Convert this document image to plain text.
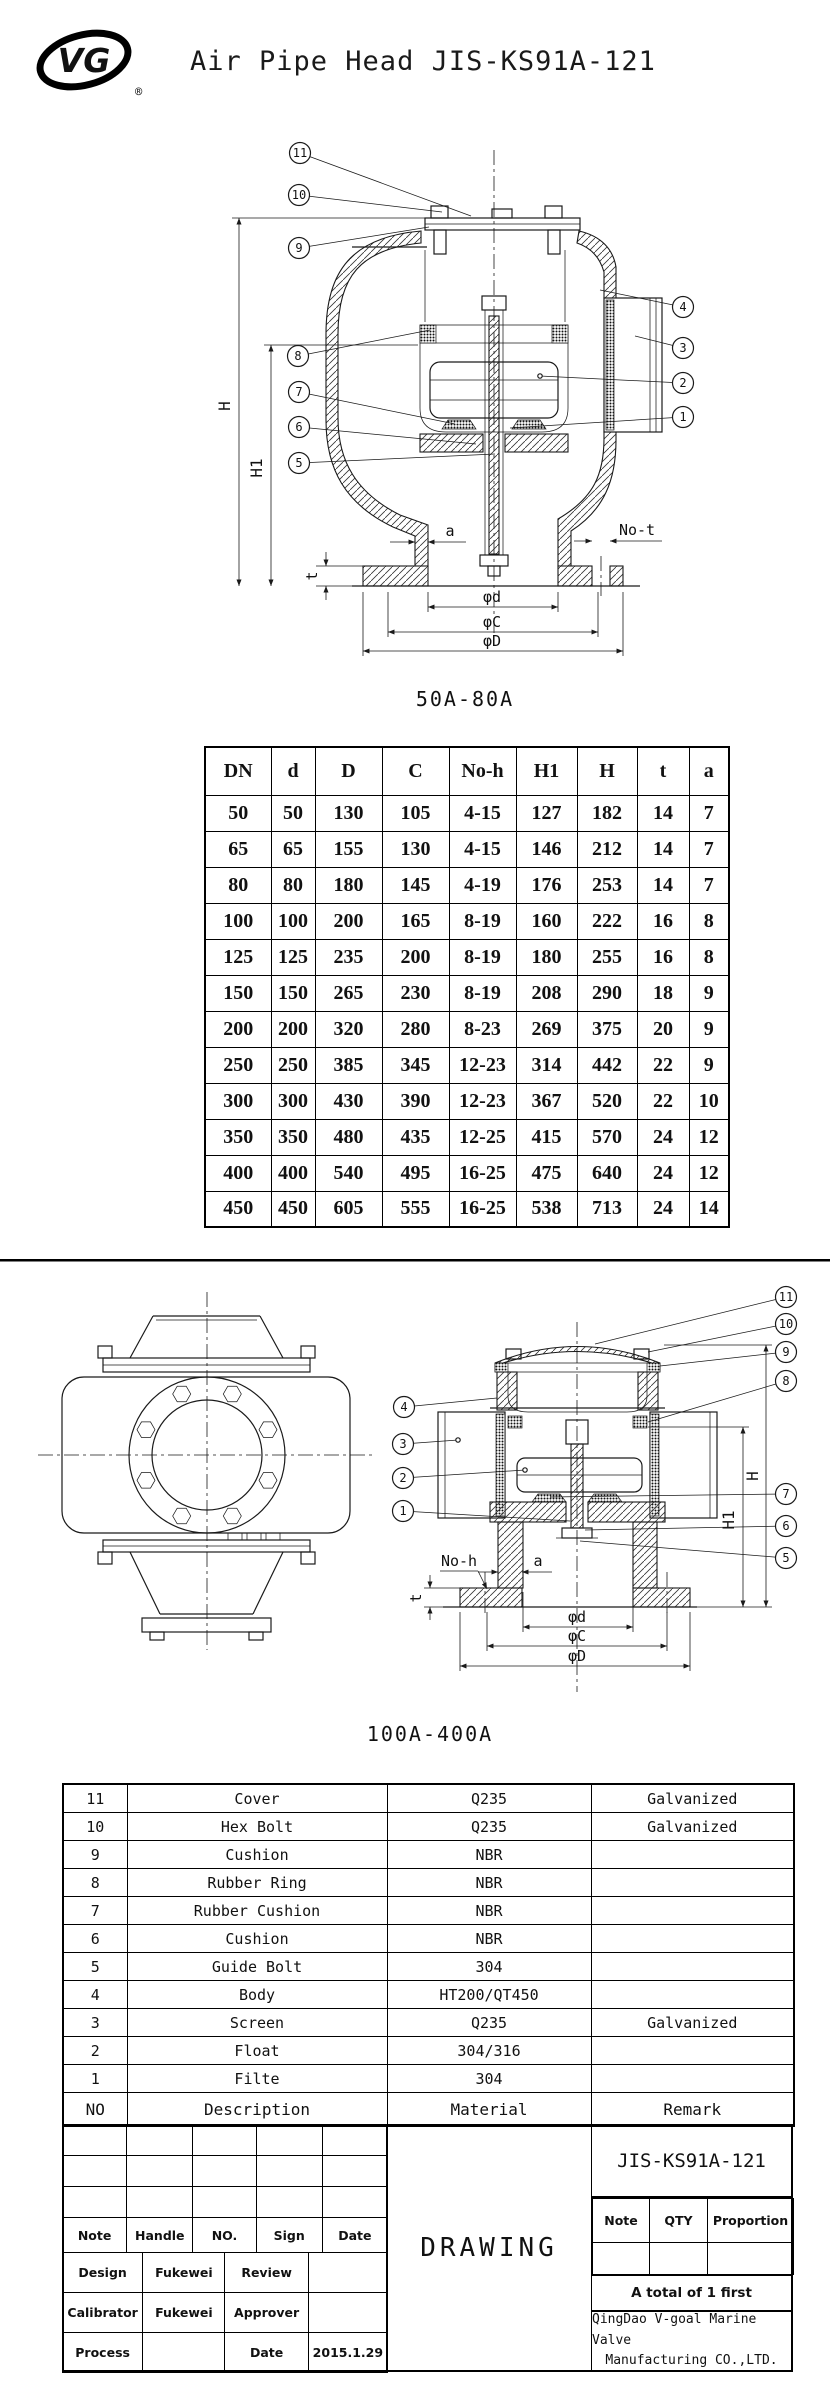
Air Pipe Head JIS-KS91A-121
VG
®
H
H1
t
a	No-t
φd
φC
φD
11
10
9
8
7
6
5
4
3
2
1
50A-80A
H
H1
No-h	a
t
φd
φC
φD
11
10
9
8
7
6
5
4
3
2
1
100A-400A
DN	d	D	C	No-h	H1	H	t	a
50	50	130	105	4-15	127	182	14	7
65	65	155	130	4-15	146	212	14	7
80	80	180	145	4-19	176	253	14	7
100	100	200	165	8-19	160	222	16	8
125	125	235	200	8-19	180	255	16	8
150	150	265	230	8-19	208	290	18	9
200	200	320	280	8-23	269	375	20	9
250	250	385	345	12-23	314	442	22	9
300	300	430	390	12-23	367	520	22	10
350	350	480	435	12-25	415	570	24	12
400	400	540	495	16-25	475	640	24	12
450	450	605	555	16-25	538	713	24	14
11	Cover	Q235	Galvanized
10	Hex Bolt	Q235	Galvanized
9	Cushion	NBR	
8	Rubber Ring	NBR	
7	Rubber Cushion	NBR	
6	Cushion	NBR	
5	Guide Bolt	304	
4	Body	HT200/QT450	
3	Screen	Q235	Galvanized
2	Float	304/316	
1	Filte	304	
NO	Description	Material	Remark

Note	Handle	NO.	Sign	Date
Design	Fukewei	Review	
Calibrator	Fukewei	Approver	
Process		Date	2015.1.29
DRAWING
JIS-KS91A-121
Note	QTY	Proportion

A total of 1 first
QingDao V-goal Marine Valve
Manufacturing CO.,LTD.
